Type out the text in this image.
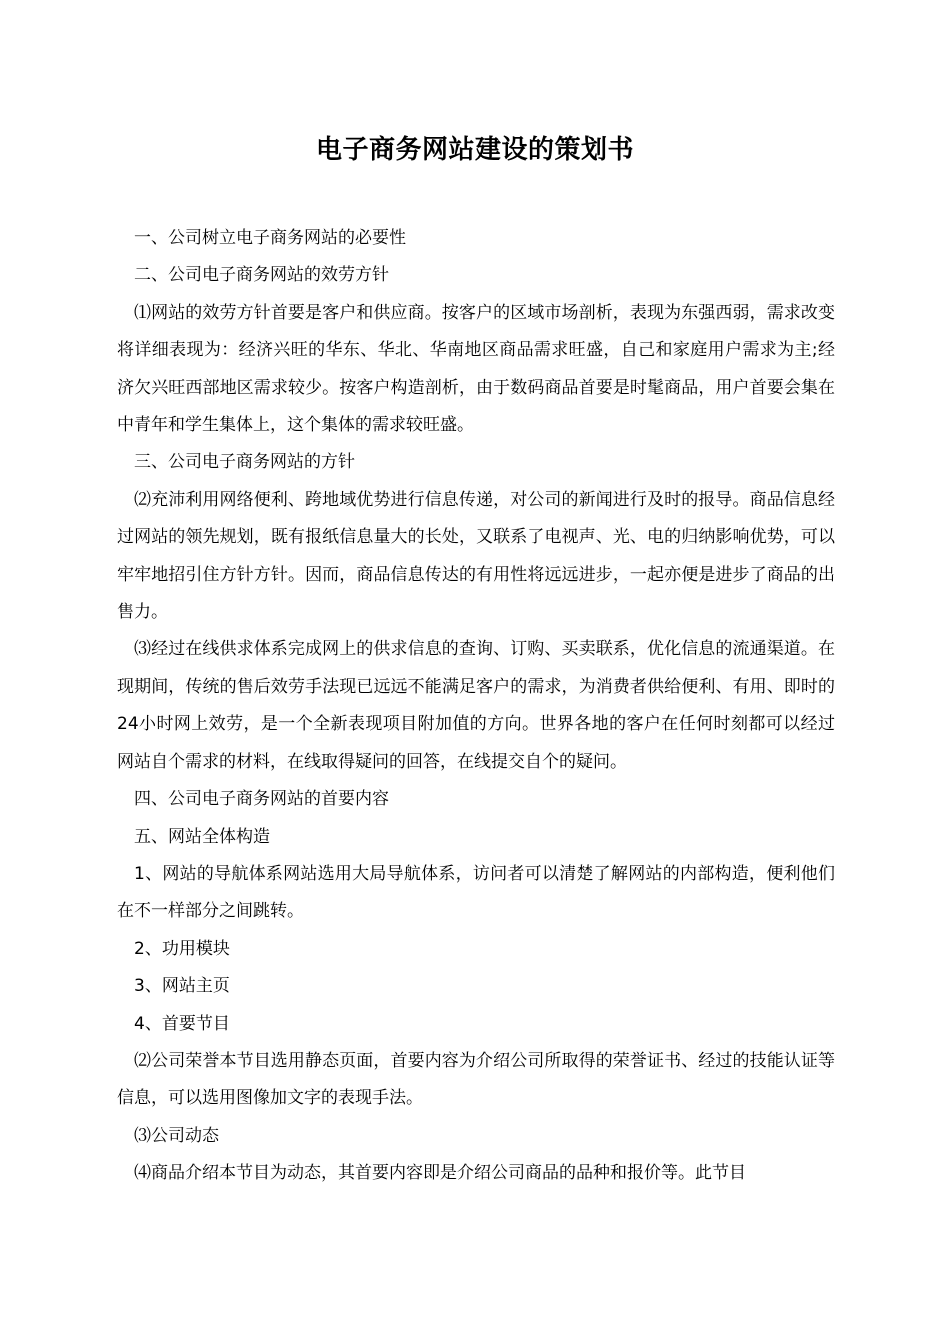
电子商务网站建设的策划书

一、公司树立电子商务网站的必要性

二、公司电子商务网站的效劳方针

⑴网站的效劳方针首要是客户和供应商。按客户的区域市场剖析，表现为东强西弱，需求改变将详细表现为：经济兴旺的华东、华北、华南地区商品需求旺盛，自己和家庭用户需求为主;经济欠兴旺西部地区需求较少。按客户构造剖析，由于数码商品首要是时髦商品，用户首要会集在中青年和学生集体上，这个集体的需求较旺盛。

三、公司电子商务网站的方针

⑵充沛利用网络便利、跨地域优势进行信息传递，对公司的新闻进行及时的报导。商品信息经过网站的领先规划，既有报纸信息量大的长处，又联系了电视声、光、电的归纳影响优势，可以牢牢地招引住方针方针。因而，商品信息传达的有用性将远远进步，一起亦便是进步了商品的出售力。

⑶经过在线供求体系完成网上的供求信息的查询、订购、买卖联系，优化信息的流通渠道。在现期间，传统的售后效劳手法现已远远不能满足客户的需求，为消费者供给便利、有用、即时的24小时网上效劳，是一个全新表现项目附加值的方向。世界各地的客户在任何时刻都可以经过网站自个需求的材料，在线取得疑问的回答，在线提交自个的疑问。

四、公司电子商务网站的首要内容

五、网站全体构造

1、网站的导航体系网站选用大局导航体系，访问者可以清楚了解网站的内部构造，便利他们在不一样部分之间跳转。

2、功用模块

3、网站主页

4、首要节目

⑵公司荣誉本节目选用静态页面，首要内容为介绍公司所取得的荣誉证书、经过的技能认证等信息，可以选用图像加文字的表现手法。

⑶公司动态

⑷商品介绍本节目为动态，其首要内容即是介绍公司商品的品种和报价等。此节目
